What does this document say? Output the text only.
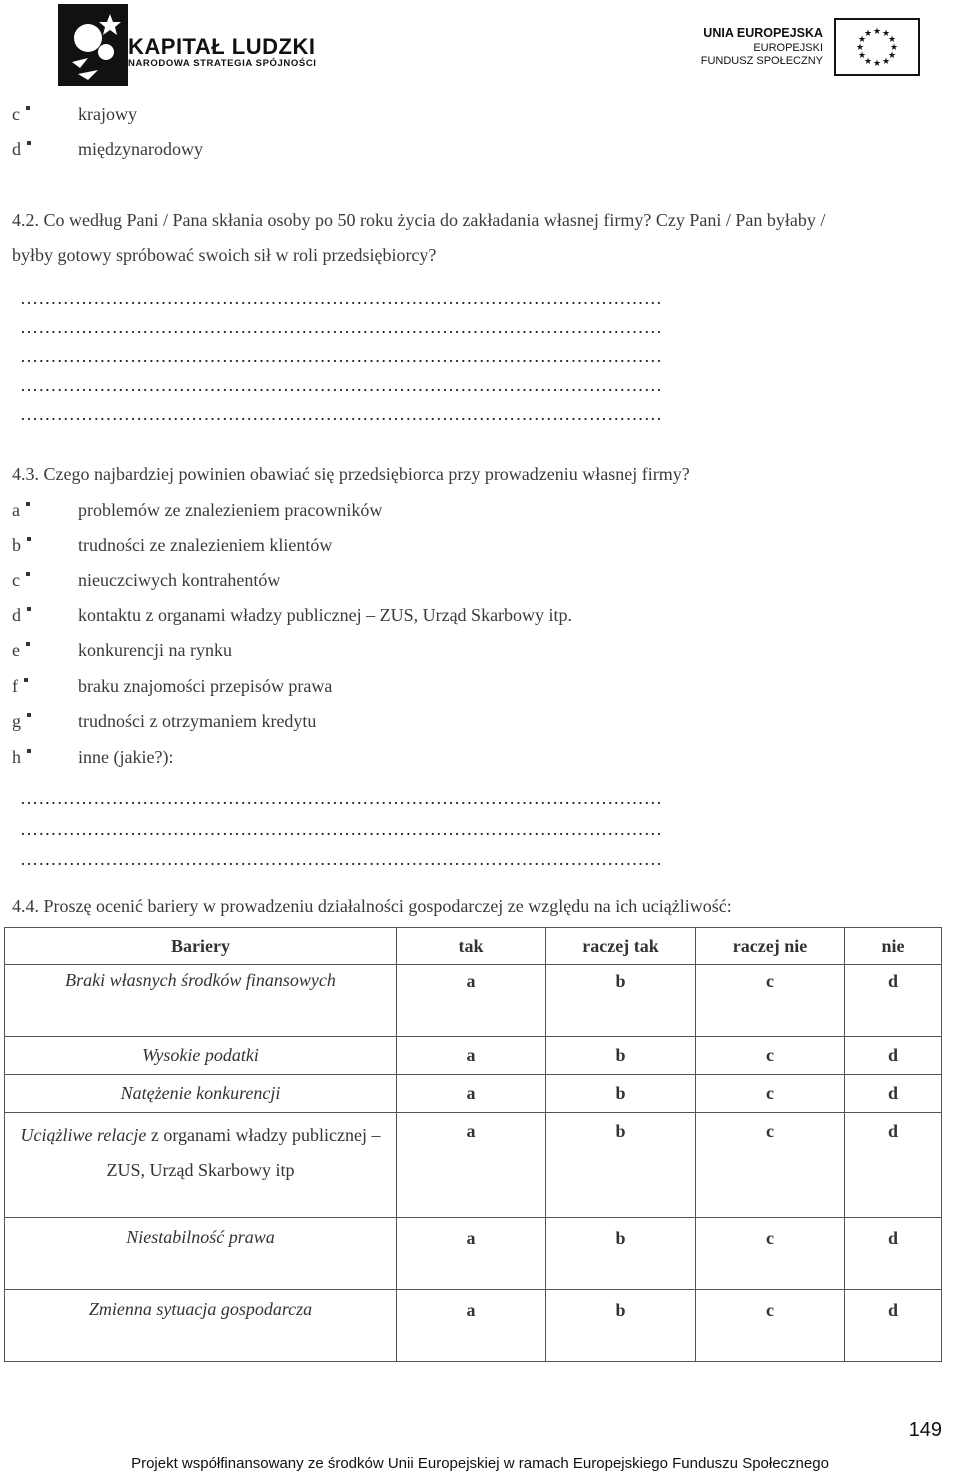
KAPITAŁ LUDZKI
NARODOWA STRATEGIA SPÓJNOŚCI
UNIA EUROPEJSKA
EUROPEJSKI
FUNDUSZ SPOŁECZNY
★ ★
★
★
★
★
★
★
★
★
★
★
c	krajowy
d	międzynarodowy
4.2. Co według Pani / Pana skłania osoby po 50 roku życia do zakładania własnej firmy? Czy Pani / Pan byłaby /
byłby gotowy spróbować swoich sił w roli przedsiębiorcy?
……………………………………………………………………………………………
……………………………………………………………………………………………
……………………………………………………………………………………………
……………………………………………………………………………………………
……………………………………………………………………………………………
4.3. Czego najbardziej powinien obawiać się przedsiębiorca przy prowadzeniu własnej firmy?
a	problemów ze znalezieniem pracowników
b	trudności ze znalezieniem klientów
c	nieuczciwych kontrahentów
d	kontaktu z organami władzy publicznej – ZUS, Urząd Skarbowy itp.
e	konkurencji na rynku
f	braku znajomości przepisów prawa
g	trudności z otrzymaniem kredytu
h	inne (jakie?):
……………………………………………………………………………………………
……………………………………………………………………………………………
……………………………………………………………………………………………
4.4. Proszę ocenić bariery w prowadzeniu działalności gospodarczej ze względu na ich uciążliwość:
Bariery	tak	raczej tak	raczej nie	nie
Braki własnych środków finansowych	a	b	c	d
Wysokie podatki	a	b	c	d
Natężenie konkurencji	a	b	c	d
Uciążliwe relacje z organami władzy publicznej – ZUS, Urząd Skarbowy itp	a	b	c	d
Niestabilność prawa	a	b	c	d
Zmienna sytuacja gospodarcza	a	b	c	d
149
Projekt współfinansowany ze środków Unii Europejskiej w ramach Europejskiego Funduszu Społecznego
